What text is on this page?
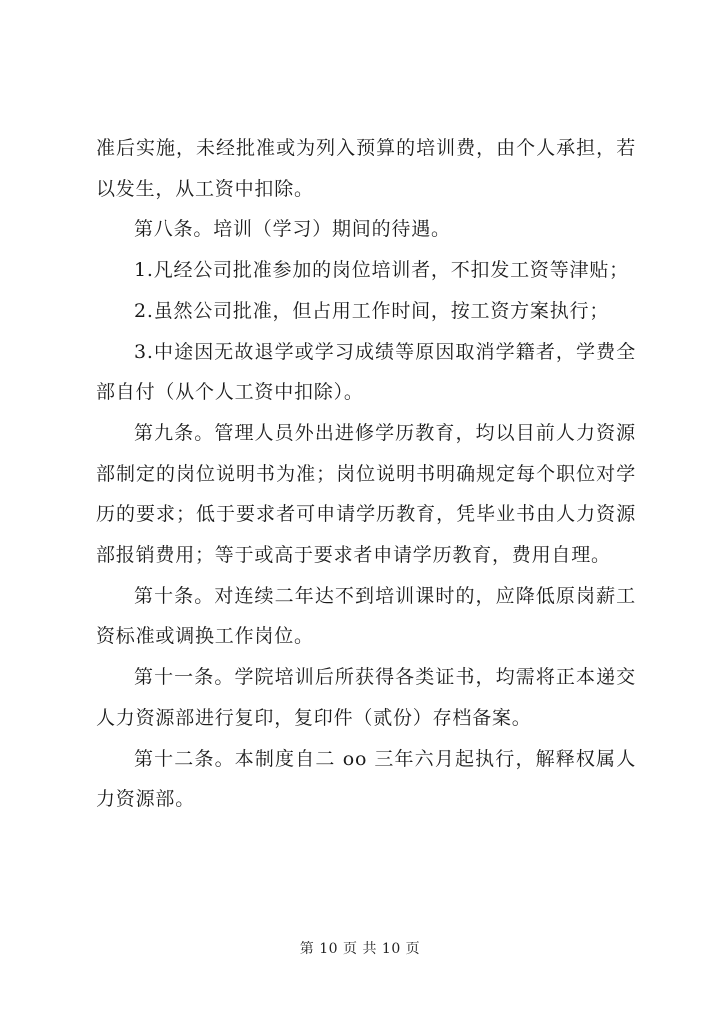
准后实施，未经批准或为列入预算的培训费，由个人承担，若以发生，从工资中扣除。

第八条。培训（学习）期间的待遇。

1.凡经公司批准参加的岗位培训者，不扣发工资等津贴；

2.虽然公司批准，但占用工作时间，按工资方案执行；

3.中途因无故退学或学习成绩等原因取消学籍者，学费全部自付（从个人工资中扣除）。

第九条。管理人员外出进修学历教育，均以目前人力资源部制定的岗位说明书为准；岗位说明书明确规定每个职位对学历的要求；低于要求者可申请学历教育，凭毕业书由人力资源部报销费用；等于或高于要求者申请学历教育，费用自理。

第十条。对连续二年达不到培训课时的，应降低原岗薪工资标准或调换工作岗位。

第十一条。学院培训后所获得各类证书，均需将正本递交人力资源部进行复印，复印件（贰份）存档备案。

第十二条。本制度自二 oo 三年六月起执行，解释权属人力资源部。

第 10 页 共 10 页
